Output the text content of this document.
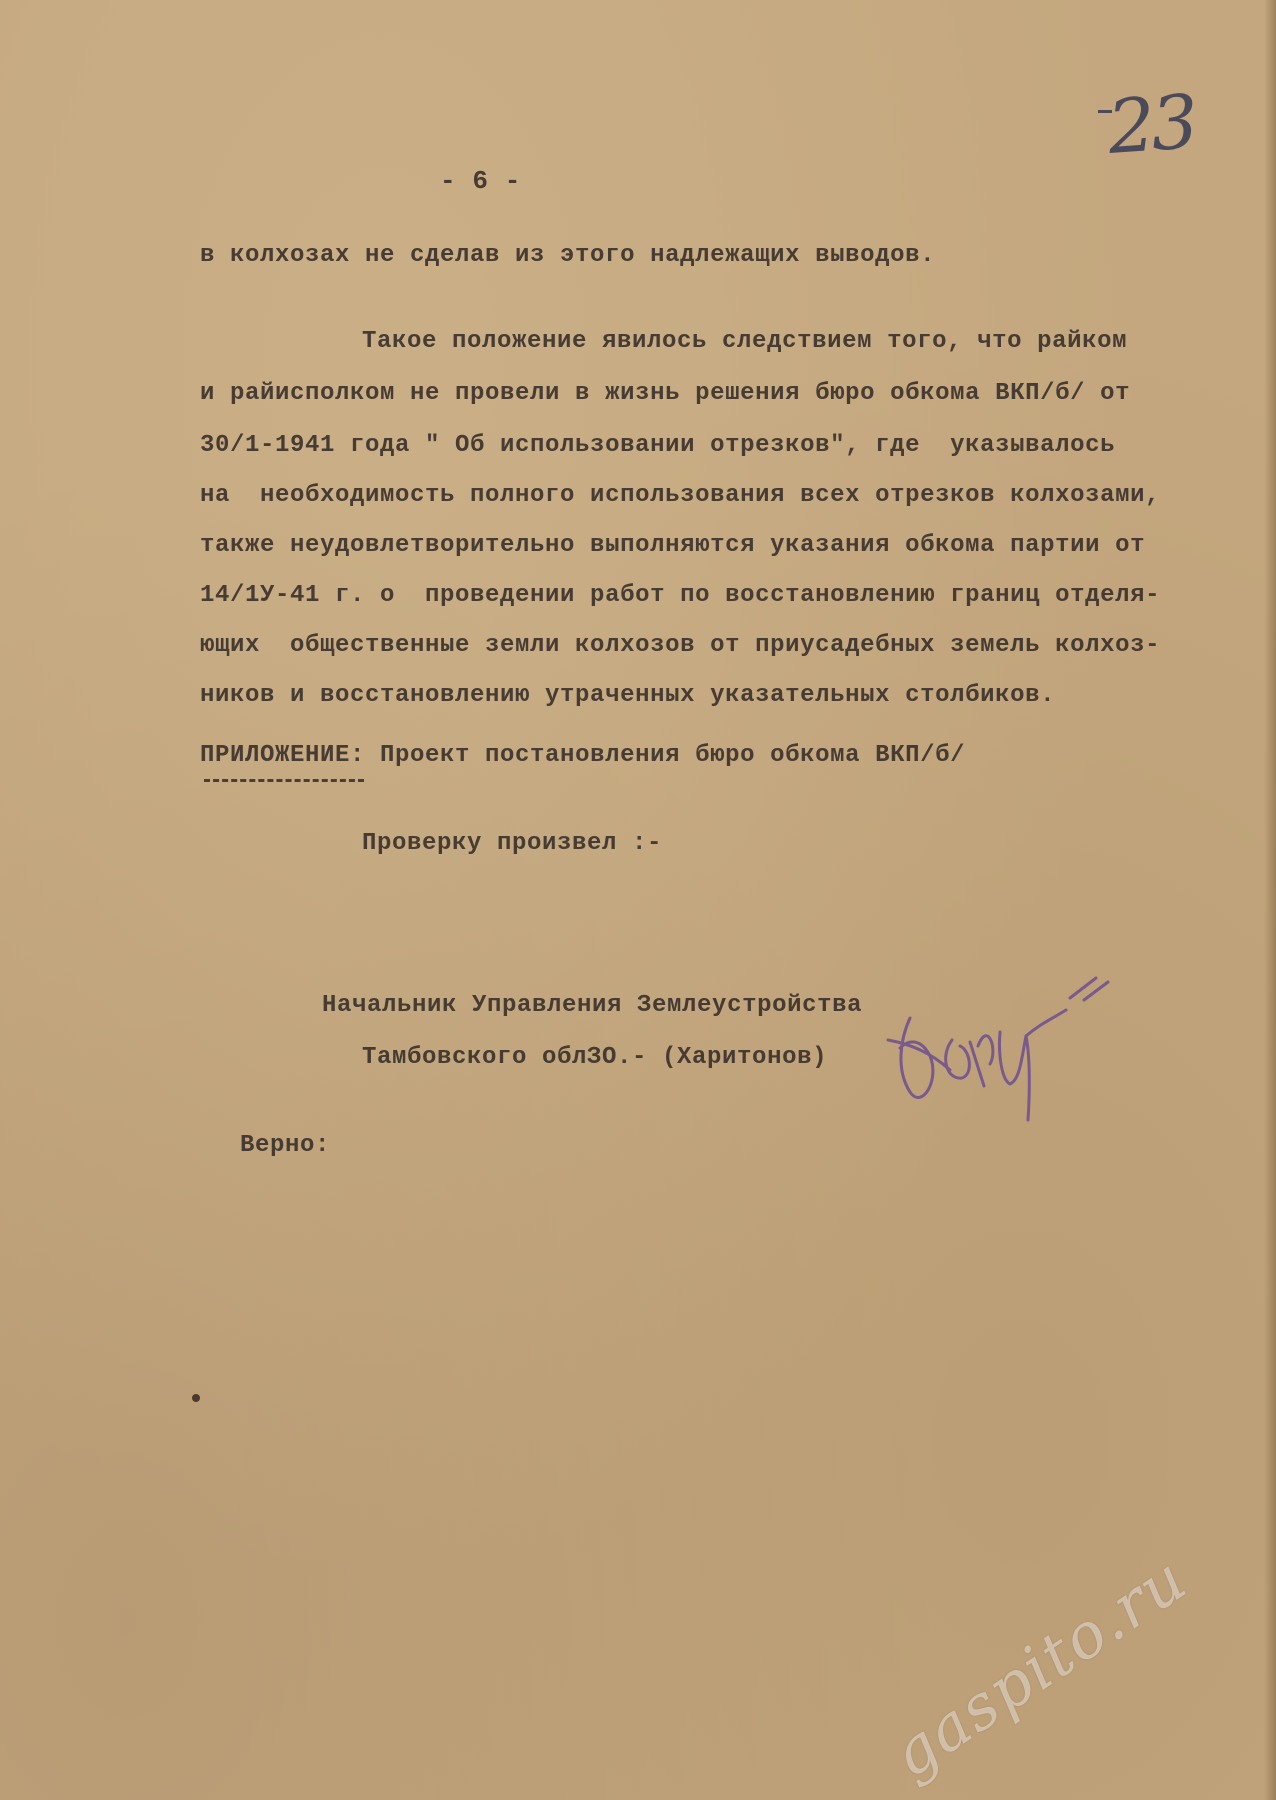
23
- 6 -
в колхозах не сделав из этого надлежащих выводов.
Такое положение явилось следствием того, что райком
и райисполком не провели в жизнь решения бюро обкома ВКП/б/ от
30/1-1941 года " Об использовании отрезков", где  указывалось
на  необходимость полного использования всех отрезков колхозами,
также неудовлетворительно выполняются указания обкома партии от
14/1У-41 г. о  проведении работ по восстановлению границ отделя-
ющих  общественные земли колхозов от приусадебных земель колхоз-
ников и восстановлению утраченных указательных столбиков.
ПРИЛОЖЕНИЕ: Проект постановления бюро обкома ВКП/б/
Проверку произвел :-
Начальник Управления Землеустройства
Тамбовского облЗО.- (Харитонов)
Верно:
gaspito.ru
